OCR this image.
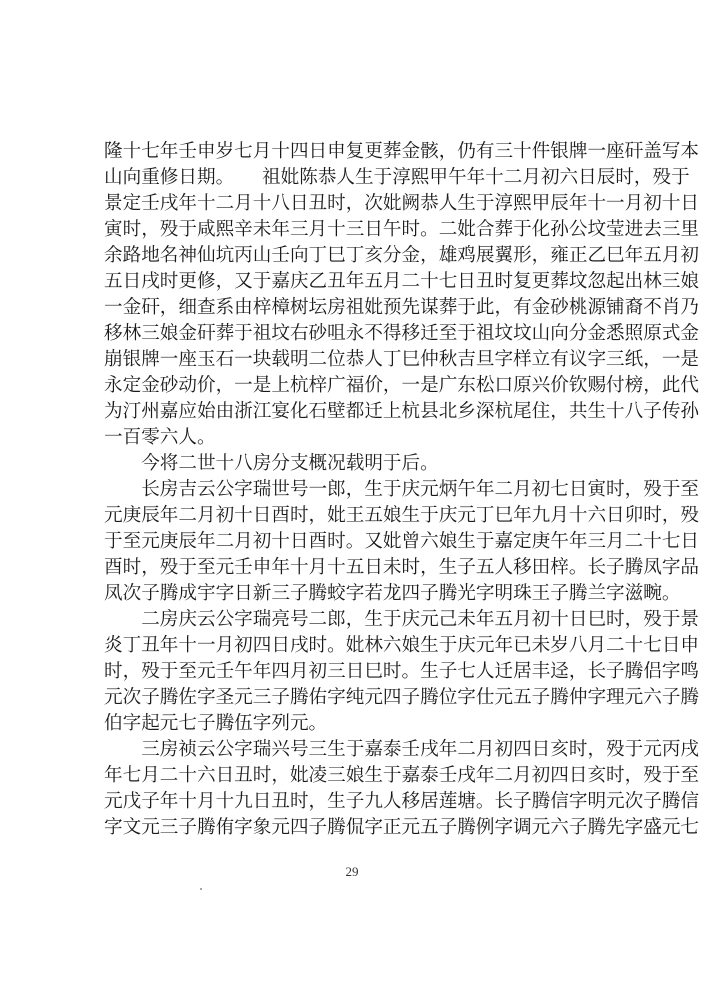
隆十七年壬申岁七月十四日申复更葬金骸，仍有三十件银牌一座矸盖写本
山向重修日期。　　祖妣陈恭人生于淳熙甲午年十二月初六日辰时，殁于
景定壬戌年十二月十八日丑时，次妣阙恭人生于淳熙甲辰年十一月初十日
寅时，殁于咸熙辛未年三月十三日午时。二妣合葬于化孙公坟莹进去三里
余路地名神仙坑丙山壬向丁巳丁亥分金，雄鸡展翼形，雍正乙巳年五月初
五日戌时更修，又于嘉庆乙丑年五月二十七日丑时复更葬坟忽起出林三娘
一金矸，细查系由梓樟树坛房祖妣预先谋葬于此，有金砂桃源铺裔不肖乃
移林三娘金矸葬于祖坟右砂咀永不得移迁至于祖坟坟山向分金悉照原式金
崩银牌一座玉石一块载明二位恭人丁巳仲秋吉旦字样立有议字三纸，一是
永定金砂动价，一是上杭梓广福价，一是广东松口原兴价钦赐付榜，此代
为汀州嘉应始由浙江宴化石壁都迁上杭县北乡深杭尾住，共生十八子传孙
一百零六人。
　　今将二世十八房分支概况载明于后。
　　长房吉云公字瑞世号一郎，生于庆元炳午年二月初七日寅时，殁于至
元庚辰年二月初十日酉时，妣王五娘生于庆元丁巳年九月十六日卯时，殁
于至元庚辰年二月初十日酉时。又妣曾六娘生于嘉定庚午年三月二十七日
酉时，殁于至元壬申年十月十五日未时，生子五人移田梓。长子腾凤字品
凤次子腾成宇字日新三子腾蛟字若龙四子腾光字明珠王子腾兰字滋畹。
　　二房庆云公字瑞亮号二郎，生于庆元己未年五月初十日巳时，殁于景
炎丁丑年十一月初四日戌时。妣林六娘生于庆元年已未岁八月二十七日申
时，殁于至元壬午年四月初三日巳时。生子七人迁居丰迳，长子腾侣字鸣
元次子腾佐字圣元三子腾佑字纯元四子腾位字仕元五子腾仲字理元六子腾
伯字起元七子腾伍字列元。
　　三房祯云公字瑞兴号三生于嘉泰壬戌年二月初四日亥时，殁于元丙戌
年七月二十六日丑时，妣凌三娘生于嘉泰壬戌年二月初四日亥时，殁于至
元戊子年十月十九日丑时，生子九人移居莲塘。长子腾信字明元次子腾信
字文元三子腾侑字象元四子腾侃字正元五子腾例字调元六子腾先字盛元七
29
